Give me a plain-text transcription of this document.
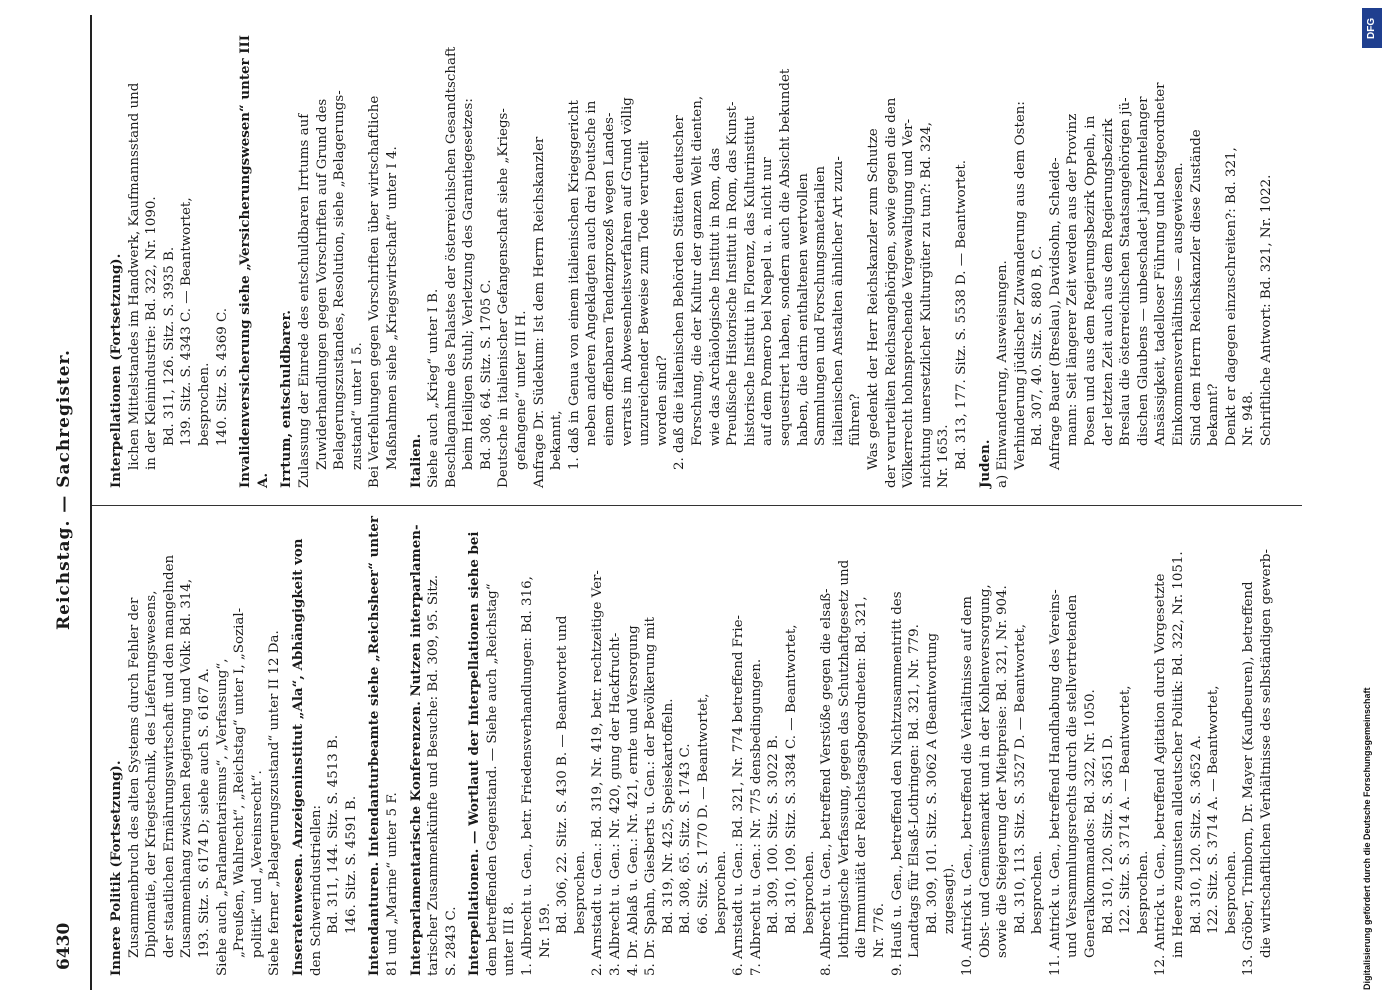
6430
Reichstag. — Sachregister.

Innere Politik (Fortsetzung). Zusammenbruch des alten Systems durch Fehler der Diplomatie, der Kriegstechnik, des Lieferungswesens, der staatlichen Ernährungswirtschaft und den mangelnden Zusammenhang zwischen Regierung und Volk: Bd. 314, 193. Sitz. S. 6174 D; siehe auch S. 6167 A. Siehe auch „Parlamentarismus“, „Verfassung“, „Preußen, Wahlrecht“, „Reichstag“ unter I, „Sozial- politik“ und „Vereinsrecht“. Siehe ferner „Belagerungszustand“ unter II 12 Da. Inseratenwesen. Anzeigeninstitut „Ala“, Abhängigkeit von den Schwerindustriellen: Bd. 311, 144. Sitz. S. 4513 B. 146. Sitz. S. 4591 B. Intendanturen. Intendanturbeamte siehe „Reichsheer“ unter 81 und „Marine“ unter 5 F. Interparlamentarische Konferenzen. Nutzen interparlamen- tarischer Zusammenkünfte und Besuche: Bd. 309, 95. Sitz. S. 2843 C. Interpellationen. — Wortlaut der Interpellationen siehe bei dem betreffenden Gegenstand. — Siehe auch „Reichstag“ unter III 8. 1. Albrecht u. Gen., betr. Friedensverhandlungen: Bd. 316, Nr. 159. Bd. 306, 22. Sitz. S. 430 B. — Beantwortet und besprochen. 2. Arnstadt u. Gen.: Bd. 319, Nr. 419, betr. rechtzeitige Ver- 3. Albrecht u. Gen.: Nr. 420, gung der Hackfrucht- 4. Dr. Ablaß u. Gen.: Nr. 421, ernte und Versorgung 5. Dr. Spahn, Giesberts u. Gen.: der Bevölkerung mit Bd. 319, Nr. 425, Speisekartoffeln. Bd. 308, 65. Sitz. S. 1743 C. 66. Sitz. S. 1770 D. — Beantwortet, besprochen. 6. Arnstadt u. Gen.: Bd. 321, Nr. 774 betreffend Frie- 7. Albrecht u. Gen.: Nr. 775 densbedingungen. Bd. 309, 100. Sitz. S. 3022 B. Bd. 310, 109. Sitz. S. 3384 C. — Beantwortet, besprochen. 8. Albrecht u. Gen., betreffend Verstöße gegen die elsaß- lothringische Verfassung, gegen das Schutzhaftgesetz und die Immunität der Reichstagsabgeordneten: Bd. 321, Nr. 776. 9. Hauß u. Gen., betreffend den Nichtzusammentritt des Landtags für Elsaß-Lothringen: Bd. 321, Nr. 779. Bd. 309, 101. Sitz. S. 3062 A (Beantwortung zugesagt). 10. Antrick u. Gen., betreffend die Verhältnisse auf dem Obst- und Gemüsemarkt und in der Kohlenversorgung, sowie die Steigerung der Mietpreise: Bd. 321, Nr. 904. Bd. 310, 113. Sitz. S. 3527 D. — Beantwortet, besprochen. 11. Antrick u. Gen., betreffend Handhabung des Vereins- und Versammlungsrechts durch die stellvertretenden Generalkommandos: Bd. 322, Nr. 1050. Bd. 310, 120. Sitz. S. 3651 D. 122. Sitz. S. 3714 A. — Beantwortet, besprochen. 12. Antrick u. Gen., betreffend Agitation durch Vorgesetzte im Heere zugunsten alldeutscher Politik: Bd. 322, Nr. 1051. Bd. 310, 120. Sitz. S. 3652 A. 122. Sitz. S. 3714 A. — Beantwortet, besprochen. 13. Gröber, Trimborn, Dr. Mayer (Kaufbeuren), betreffend die wirtschaftlichen Verhältnisse des selbständigen gewerb-

Interpellationen (Fortsetzung). lichen Mittelstandes im Handwerk, Kaufmannsstand und in der Kleinindustrie: Bd. 322, Nr. 1090. Bd. 311, 126. Sitz. S. 3935 B. 139. Sitz. S. 4343 C. — Beantwortet, besprochen. 140. Sitz. S. 4369 C. Invalidenversicherung siehe „Versicherungswesen“ unter III A. Irrtum, entschuldbarer. Zulassung der Einrede des entschuldbaren Irrtums auf Zuwiderhandlungen gegen Vorschriften auf Grund des Belagerungszustandes, Resolution, siehe „Belagerungs- zustand“ unter I 5. Bei Verfehlungen gegen Vorschriften über wirtschaftliche Maßnahmen siehe „Kriegswirtschaft“ unter I 4. Italien. Siehe auch „Krieg“ unter I B. Beschlagnahme des Palastes der österreichischen Gesandtschaft beim Heiligen Stuhl; Verletzung des Garantiegesetzes: Bd. 308, 64. Sitz. S. 1705 C. Deutsche in italienischer Gefangenschaft siehe „Kriegs- gefangene“ unter III H. Anfrage Dr. Südekum: Ist dem Herrn Reichskanzler bekannt, 1. daß in Genua von einem italienischen Kriegsgericht neben anderen Angeklagten auch drei Deutsche in einem offenbaren Tendenzprozeß wegen Landes- verrats im Abwesenheitsverfahren auf Grund völlig unzureichender Beweise zum Tode verurteilt worden sind? 2. daß die italienischen Behörden Stätten deutscher Forschung, die der Kultur der ganzen Welt dienten, wie das Archäologische Institut in Rom, das Preußische Historische Institut in Rom, das Kunst- historische Institut in Florenz, das Kulturinstitut auf dem Pomero bei Neapel u. a. nicht nur sequestriert haben, sondern auch die Absicht bekundet haben, die darin enthaltenen wertvollen Sammlungen und Forschungsmaterialien italienischen Anstalten ähnlicher Art zuzu- führen? Was gedenkt der Herr Reichskanzler zum Schutze der verurteilten Reichsangehörigen, sowie gegen die den Völkerrecht hohnsprechende Vergewaltigung und Ver- nichtung unersetzlicher Kulturgüter zu tun?: Bd. 324, Nr. 1653. Bd. 313, 177. Sitz. S. 5538 D. — Beantwortet. Juden. a) Einwanderung, Ausweisungen. Verhinderung jüdischer Zuwanderung aus dem Osten: Bd. 307, 40. Sitz. S. 880 B, C. Anfrage Bauer (Breslau), Davidsohn, Scheide- mann: Seit längerer Zeit werden aus der Provinz Posen und aus dem Regierungsbezirk Oppeln, in der letzten Zeit auch aus dem Regierungsbezirk Breslau die österreichischen Staatsangehörigen jü- dischen Glaubens — unbeschadet jahrzehntelanger Ansässigkeit, tadelloser Führung und bestgeordneter Einkommensverhältnisse — ausgewiesen. Sind dem Herrn Reichskanzler diese Zustände bekannt? Denkt er dagegen einzuschreiten?: Bd. 321, Nr. 948. Schriftliche Antwort: Bd. 321, Nr. 1022.

Digitalisierung gefördert durch die Deutsche Forschungsgemeinschaft
DFG
